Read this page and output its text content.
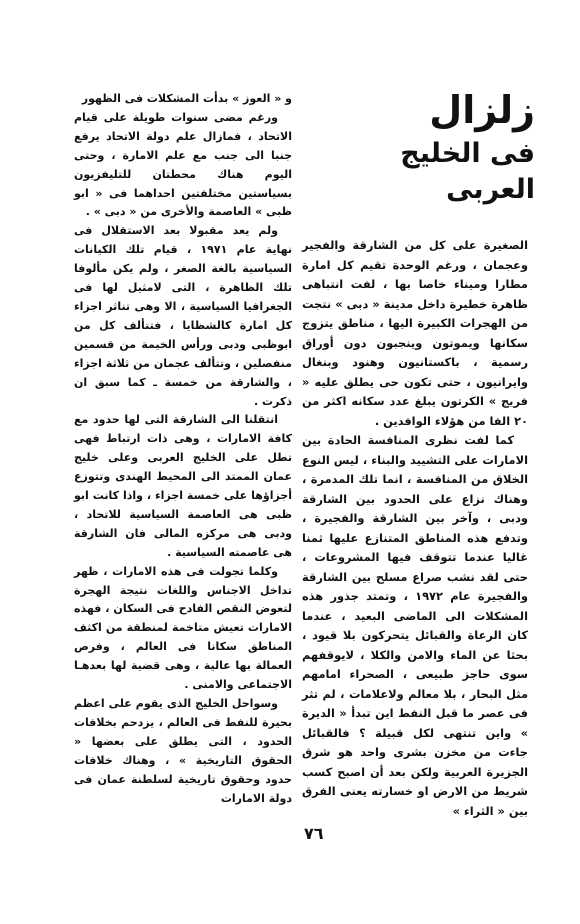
زلزال
فى الخليج العربى

الصغيرة على كل من الشارقة والفجير وعجمان ، ورغم الوحدة تقيم كل امارة مطارا وميناء خاصا بها ، لفت انتباهى ظاهرة خطيرة داخل مدينة « دبى » نتجت من الهجرات الكبيرة اليها ، مناطق يتزوج سكانها ويموتون وينجبون دون أوراق رسمية ، باكستانيون وهنود وبنغال وايرانيون ، حتى تكون حى يطلق عليه « فريج » الكرتون يبلغ عدد سكانه اكثر من ٢٠ الفا من هؤلاء الوافدين .

كما لفت نظرى المنافسة الحادة بين الامارات على التشييد والبناء ، ليس النوع الخلاق من المنافسة ، انما تلك المدمرة ، وهناك نزاع على الحدود بين الشارقة ودبى ، وآخر بين الشارقة والفجيرة ، وتدفع هذه المناطق المتنازع عليها ثمنا غاليا عندما تتوقف فيها المشروعات ، حتى لقد نشب صراع مسلح بين الشارقة والفجيرة عام ١٩٧٢ ، وتمتد جذور هذه المشكلات الى الماضى البعيد ، عندما كان الرعاة والقبائل يتحركون بلا قيود ، بحثا عن الماء والامن والكلا ، لايوقفهم سوى حاجز طبيعى ، الصحراء امامهم مثل البحار ، بلا معالم ولاعلامات ، لم تثر فى عصر ما قبل النفط اين تبدأ « الديرة » واين تنتهى لكل قبيلة ؟ فالقبائل جاءت من مخزن بشرى واحد هو شرق الجزيرة العربية ولكن بعد أن اصبح كسب شريط من الارض او خسارته يعنى الفرق بين « الثراء »

و « العوز » بدأت المشكلات فى الظهور

ورغم مضى سنوات طويلة على قيام الاتحاد ، فمازال علم دولة الاتحاد يرفع جنبا الى جنب مع علم الامارة ، وحتى اليوم هناك محطتان للتليفزيون بسياستين مختلفتين احداهما فى « ابو ظبى » العاصمة والأخرى من « دبى » .

ولم يعد مقبولا بعد الاستقلال فى نهاية عام ١٩٧١ ، قيام تلك الكيانات السياسية بالغة الصغر ، ولم يكن مألوفا تلك الظاهرة ، التى لامثيل لها فى الجغرافيا السياسية ، الا وهى تناثر اجزاء كل امارة كالشظايا ، فتتألف كل من ابوظبى ودبى ورأس الخيمة من قسمين منفصلين ، وتتألف عجمان من ثلاثة اجزاء ، والشارقة من خمسة ـ كما سبق ان ذكرت .

انتقلنا الى الشارقة التى لها حدود مع كافة الامارات ، وهى ذات ارتباط فهى تطل على الخليج العربى وعلى خليج عمان الممتد الى المحيط الهندى وتتوزع أجزاؤها على خمسة اجزاء ، واذا كانت ابو ظبى هى العاصمة السياسية للاتحاد ، ودبى هى مركزه المالى فان الشارقة هى عاصمته السياسية .

وكلما تجولت فى هذه الامارات ، ظهر تداخل الاجناس واللغات نتيجة الهجرة لتعوض النقص الفادح فى السكان ، فهذه الامارات تعيش متاخمة لمنطقة من اكثف المناطق سكانا فى العالم ، وفرص العمالة بها عالية ، وهى قضية لها بعدهـا الاجتماعى والامنى .

وسواحل الخليج الذى يقوم على اعظم بحيرة للنفط فى العالم ، يزدحم بخلافات الحدود ، التى يطلق على بعضها « الحقوق التاريخية » ، وهناك خلافات حدود وحقوق تاريخية لسلطنة عمان فى دولة الامارات

٧٦
